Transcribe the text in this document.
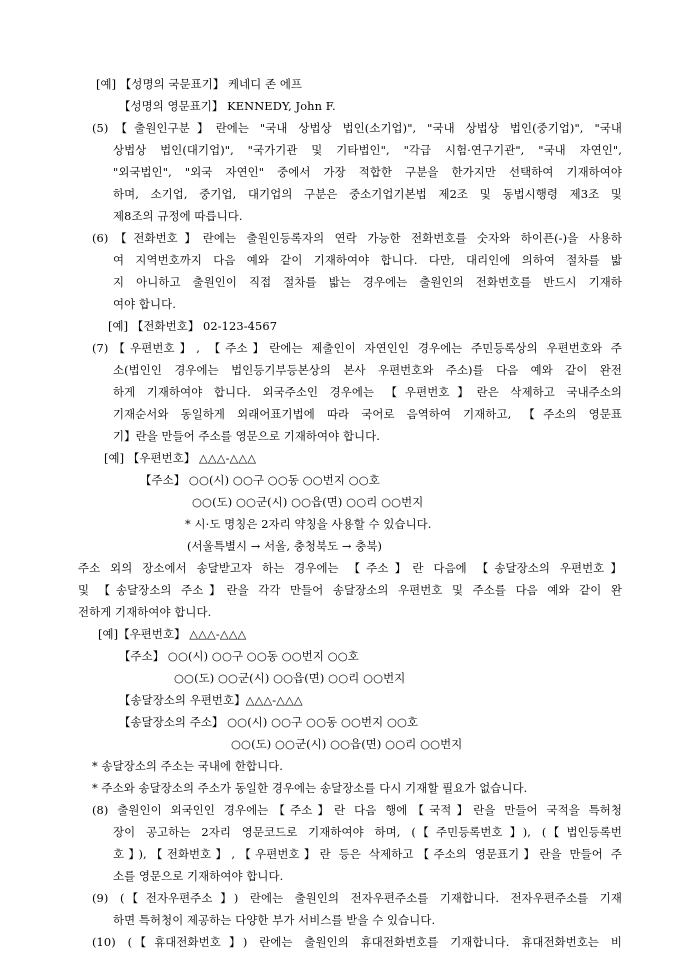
[예] 【성명의 국문표기】 케네디 존 에프
【성명의 영문표기】 KENNEDY, John F.
(5)【출원인구분】란에는 "국내 상법상 법인(소기업)", "국내 상법상 법인(중기업)", "국내
상법상 법인(대기업)", "국가기관 및 기타법인", "각급 시험·연구기관", "국내 자연인",
"외국법인", "외국 자연인" 중에서 가장 적합한 구분을 한가지만 선택하여 기재하여야
하며, 소기업, 중기업, 대기업의 구분은 중소기업기본법 제2조 및 동법시행령 제3조 및
제8조의 규정에 따릅니다.
(6)【전화번호】란에는 출원인등록자의 연락 가능한 전화번호를 숫자와 하이픈(-)을 사용하
여 지역번호까지 다음 예와 같이 기재하여야 합니다. 다만, 대리인에 의하여 절차를 밟
지 아니하고 출원인이 직접 절차를 밟는 경우에는 출원인의 전화번호를 반드시 기재하
여야 합니다.
[예] 【전화번호】 02-123-4567
(7)【우편번호】, 【주소】란에는 제출인이 자연인인 경우에는 주민등록상의 우편번호와 주
소(법인인 경우에는 법인등기부등본상의 본사 우편번호와 주소)를 다음 예와 같이 완전
하게 기재하여야 합니다. 외국주소인 경우에는 【우편번호】란은 삭제하고 국내주소의
기재순서와 동일하게 외래어표기법에 따라 국어로 음역하여 기재하고, 【주소의 영문표
기】란을 만들어 주소를 영문으로 기재하여야 합니다.
[예] 【우편번호】 △△△-△△△
【주소】 ○○(시) ○○구 ○○동 ○○번지 ○○호
○○(도) ○○군(시) ○○읍(면) ○○리 ○○번지
* 시·도 명칭은 2자리 약칭을 사용할 수 있습니다.
(서울특별시 → 서울, 충청북도 → 충북)
주소 외의 장소에서 송달받고자 하는 경우에는 【주소】란 다음에 【송달장소의 우편번호】
및 【송달장소의 주소】란을 각각 만들어 송달장소의 우편번호 및 주소를 다음 예와 같이 완
전하게 기재하여야 합니다.
[예]【우편번호】 △△△-△△△
【주소】 ○○(시) ○○구 ○○동 ○○번지 ○○호
○○(도) ○○군(시) ○○읍(면) ○○리 ○○번지
【송달장소의 우편번호】△△△-△△△
【송달장소의 주소】 ○○(시) ○○구 ○○동 ○○번지 ○○호
○○(도) ○○군(시) ○○읍(면) ○○리 ○○번지
* 송달장소의 주소는 국내에 한합니다.
* 주소와 송달장소의 주소가 동일한 경우에는 송달장소를 다시 기재할 필요가 없습니다.
(8) 출원인이 외국인인 경우에는【주소】란 다음 행에【국적】란을 만들어 국적을 특허청
장이 공고하는 2자리 영문코드로 기재하여야 하며, (【주민등록번호】), (【법인등록번
호】),【전화번호】,【우편번호】란 등은 삭제하고【주소의 영문표기】란을 만들어 주
소를 영문으로 기재하여야 합니다.
(9) (【전자우편주소】) 란에는 출원인의 전자우편주소를 기재합니다. 전자우편주소를 기재
하면 특허청이 제공하는 다양한 부가 서비스를 받을 수 있습니다.
(10) (【휴대전화번호】) 란에는 출원인의 휴대전화번호를 기재합니다. 휴대전화번호는 비
